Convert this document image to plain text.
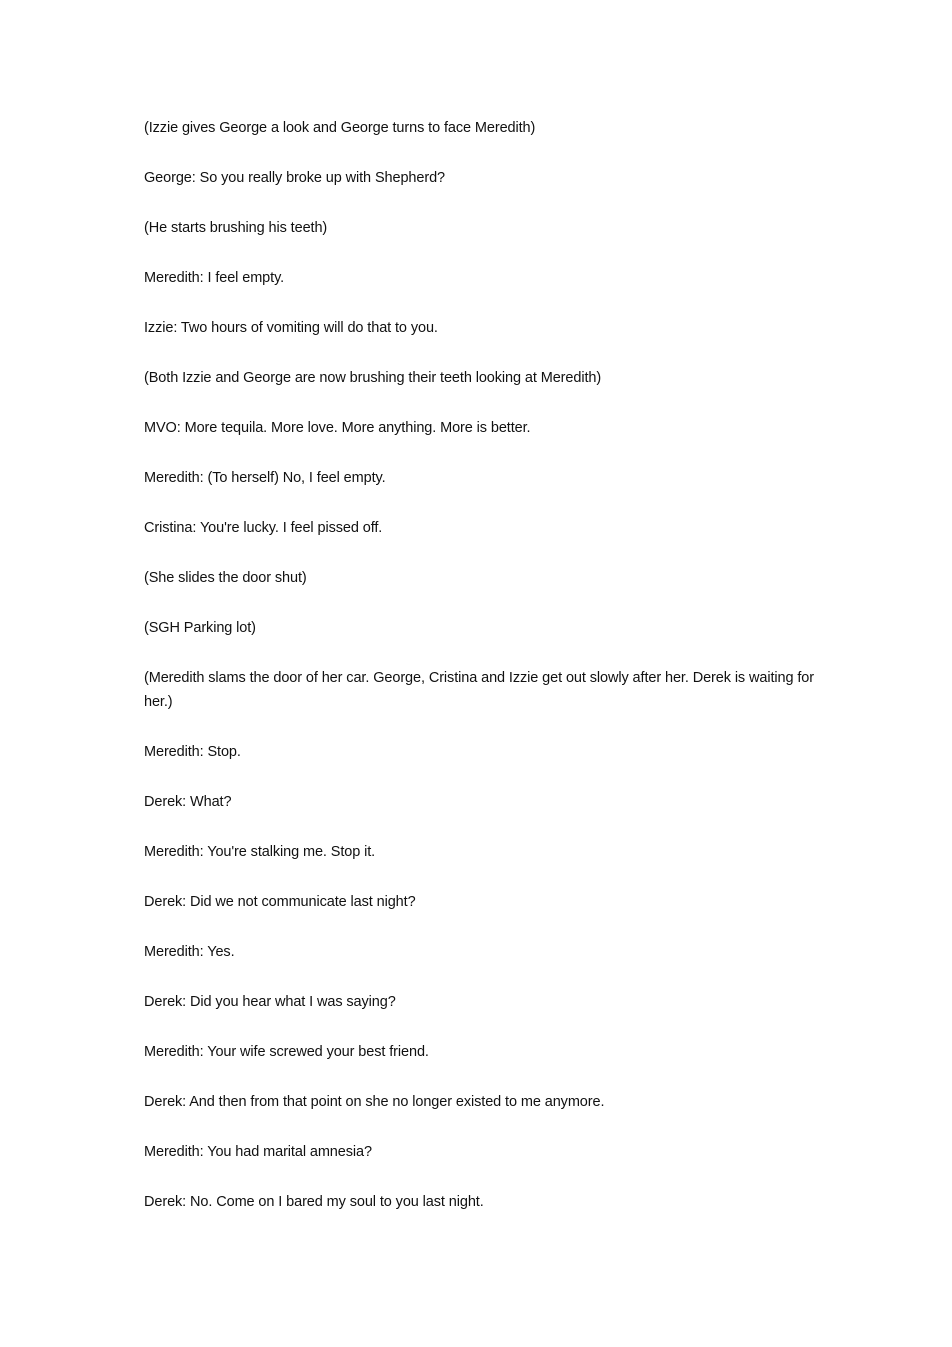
(Izzie gives George a look and George turns to face Meredith)

George: So you really broke up with Shepherd?

(He starts brushing his teeth)

Meredith: I feel empty.

Izzie: Two hours of vomiting will do that to you.

(Both Izzie and George are now brushing their teeth looking at Meredith)

MVO: More tequila. More love. More anything. More is better.

Meredith: (To herself) No, I feel empty.

Cristina: You're lucky. I feel pissed off.

(She slides the door shut)

(SGH Parking lot)

(Meredith slams the door of her car. George, Cristina and Izzie get out slowly after her. Derek is waiting for her.)

Meredith: Stop.

Derek: What?

Meredith: You're stalking me. Stop it.

Derek: Did we not communicate last night?

Meredith: Yes.

Derek: Did you hear what I was saying?

Meredith: Your wife screwed your best friend.

Derek: And then from that point on she no longer existed to me anymore.

Meredith: You had marital amnesia?

Derek: No. Come on I bared my soul to you last night.
